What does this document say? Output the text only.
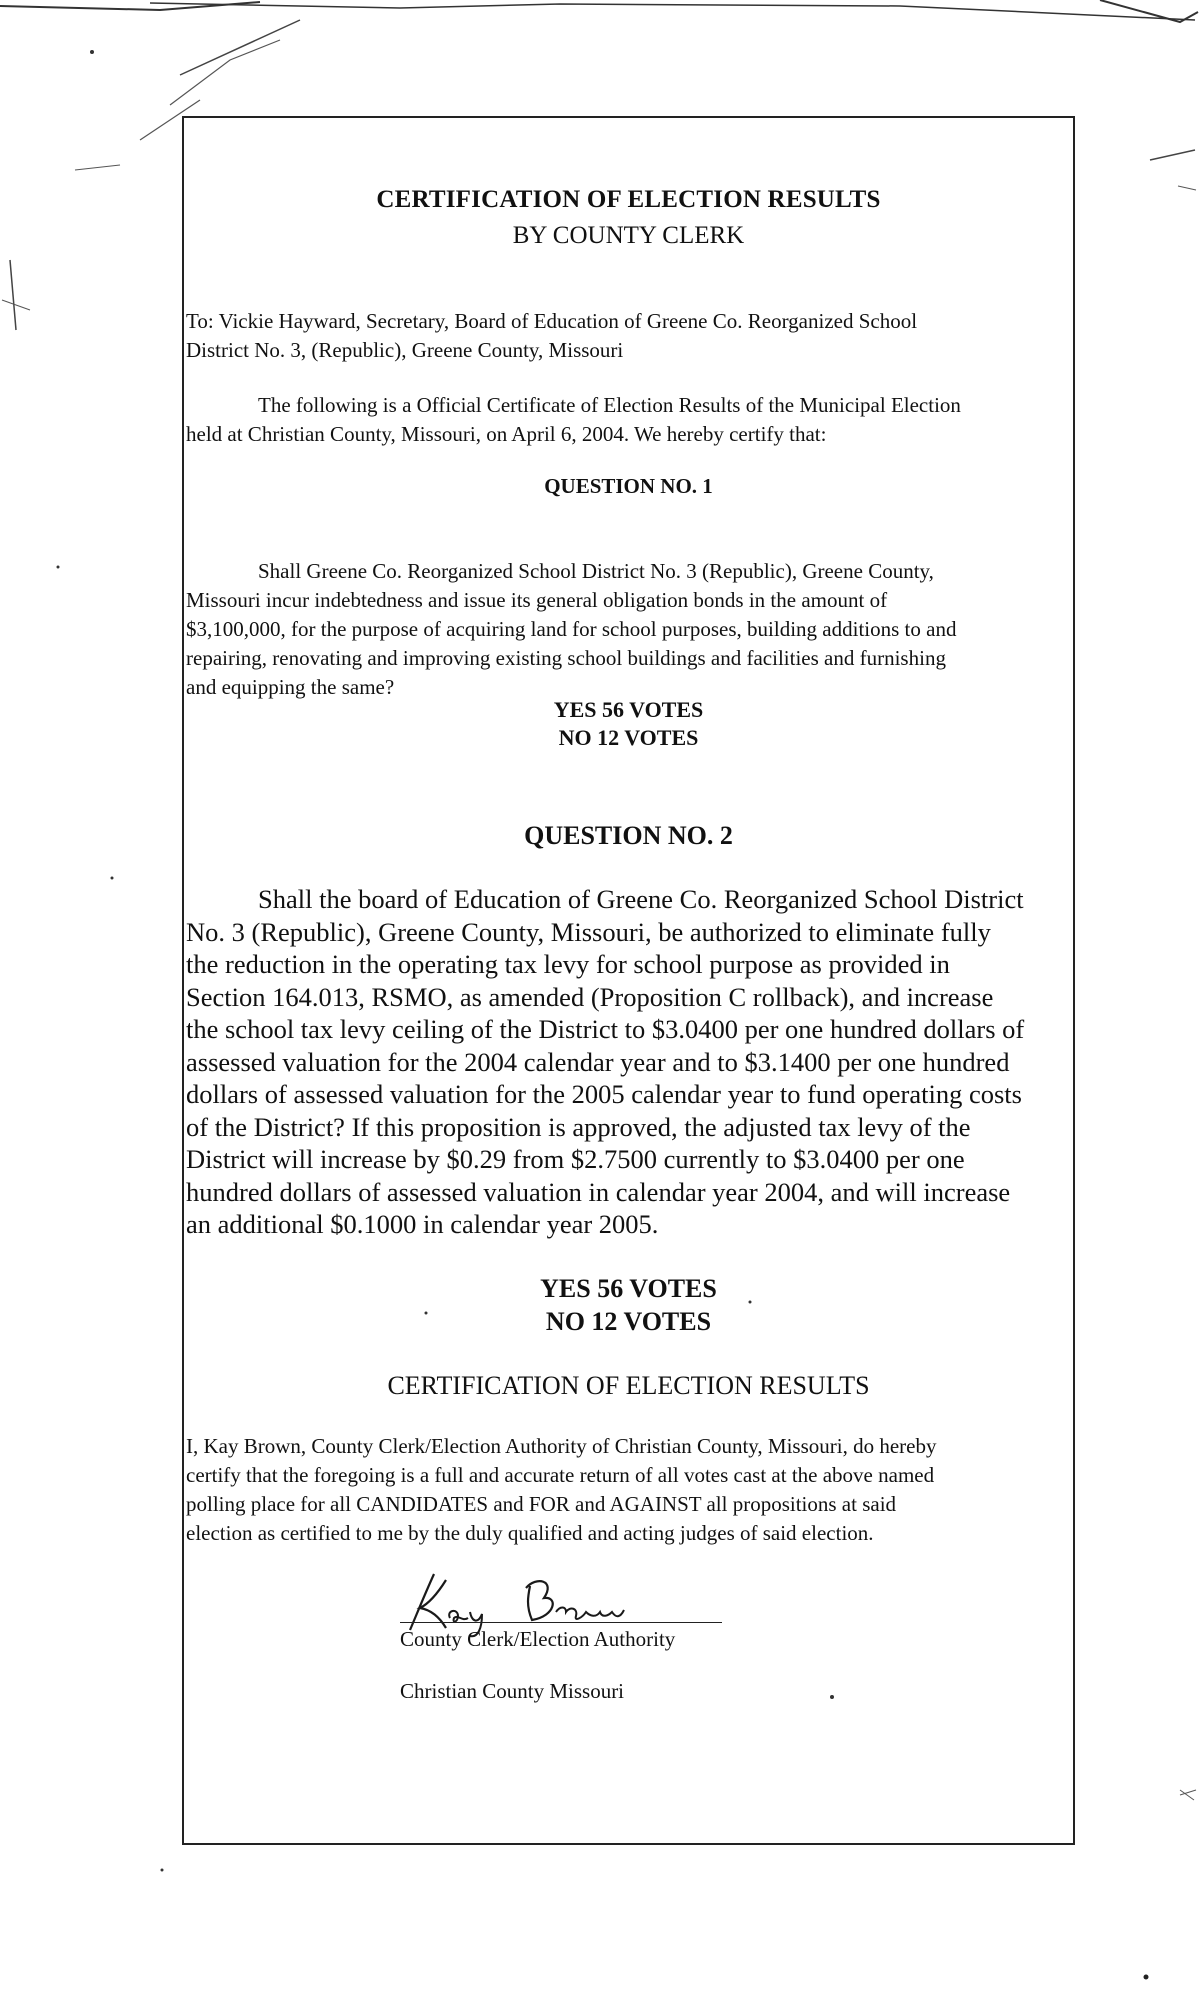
CERTIFICATION OF ELECTION RESULTS
BY COUNTY CLERK
To: Vickie Hayward, Secretary, Board of Education of Greene Co. Reorganized School
District No. 3, (Republic), Greene County, Missouri
The following is a Official Certificate of Election Results of the Municipal Election
held at Christian County, Missouri, on April 6, 2004. We hereby certify that:
QUESTION NO. 1
Shall Greene Co. Reorganized School District No. 3 (Republic), Greene County,
Missouri incur indebtedness and issue its general obligation bonds in the amount of
$3,100,000, for the purpose of acquiring land for school purposes, building additions to and
repairing, renovating and improving existing school buildings and facilities and furnishing
and equipping the same?
YES 56 VOTES
NO 12 VOTES
QUESTION NO. 2
Shall the board of Education of Greene Co. Reorganized School District
No. 3 (Republic), Greene County, Missouri, be authorized to eliminate fully
the reduction in the operating tax levy for school purpose as provided in
Section 164.013, RSMO, as amended (Proposition C rollback), and increase
the school tax levy ceiling of the District to $3.0400 per one hundred dollars of
assessed valuation for the 2004 calendar year and to $3.1400 per one hundred
dollars of assessed valuation for the 2005 calendar year to fund operating costs
of the District? If this proposition is approved, the adjusted tax levy of the
District will increase by $0.29 from $2.7500 currently to $3.0400 per one
hundred dollars of assessed valuation in calendar year 2004, and will increase
an additional $0.1000 in calendar year 2005.
YES 56 VOTES
NO 12 VOTES
CERTIFICATION OF ELECTION RESULTS
I, Kay Brown, County Clerk/Election Authority of Christian County, Missouri, do hereby
certify that the foregoing is a full and accurate return of all votes cast at the above named
polling place for all CANDIDATES and FOR and AGAINST all propositions at said
election as certified to me by the duly qualified and acting judges of said election.
County Clerk/Election Authority
Christian County Missouri
